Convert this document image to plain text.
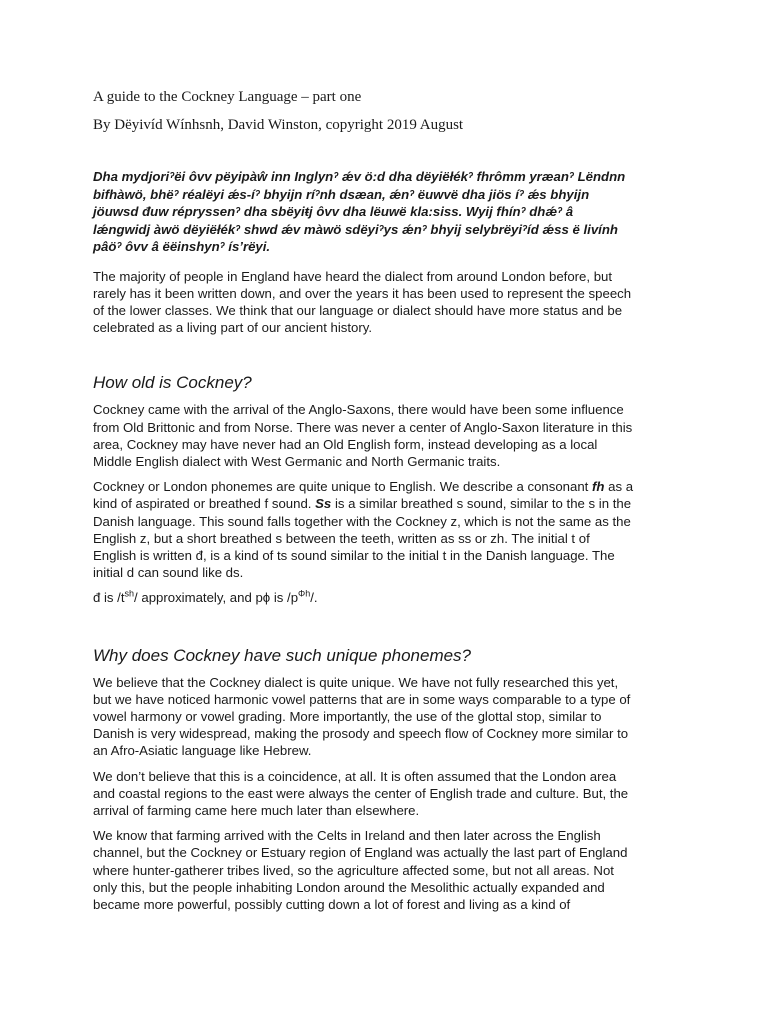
A guide to the Cockney Language – part one

By Dëyivíd Wínhsnh, David Winston, copyright 2019 August

Dha mydjoriˀëi ôvv pëyipàŵ inn Inglynˀ ǽv ö:d dha dëyiëłékˀ fhrômm yræanˀ Lëndnn
bifhàwö, bhëˀ réalëyi ǽs-íˀ bhyijn ríˀnh dsæan, ǽnˀ ëuwvë dha jiös íˀ ǽs bhyijn
jöuwsd đuw répryssenˀ dha sbëyiŧj ôvv dha lëuwë kla:siss. Wyij fhínˀ dhǽˀ â
lǽngwidj àwö dëyiëłékˀ shwd ǽv màwö sdëyiˀys ǽnˀ bhyij selybrëyiˀíd ǽss ë livính
pâöˀ ôvv â ëëinshynˀ ís’rëyi.

The majority of people in England have heard the dialect from around London before, but
rarely has it been written down, and over the years it has been used to represent the speech
of the lower classes. We think that our language or dialect should have more status and be
celebrated as a living part of our ancient history.

How old is Cockney?

Cockney came with the arrival of the Anglo-Saxons, there would have been some influence
from Old Brittonic and from Norse. There was never a center of Anglo-Saxon literature in this
area, Cockney may have never had an Old English form, instead developing as a local
Middle English dialect with West Germanic and North Germanic traits.

Cockney or London phonemes are quite unique to English. We describe a consonant fh as a
kind of aspirated or breathed f sound. Ss is a similar breathed s sound, similar to the s in the
Danish language. This sound falls together with the Cockney z, which is not the same as the
English z, but a short breathed s between the teeth, written as ss or zh. The initial t of
English is written đ, is a kind of ts sound similar to the initial t in the Danish language. The
initial d can sound like ds.

đ is $/t^{sh}/$ approximately, and pϕ is $/p^{\Phi h}/$.

Why does Cockney have such unique phonemes?

We believe that the Cockney dialect is quite unique. We have not fully researched this yet,
but we have noticed harmonic vowel patterns that are in some ways comparable to a type of
vowel harmony or vowel grading. More importantly, the use of the glottal stop, similar to
Danish is very widespread, making the prosody and speech flow of Cockney more similar to
an Afro-Asiatic language like Hebrew.

We don’t believe that this is a coincidence, at all. It is often assumed that the London area
and coastal regions to the east were always the center of English trade and culture. But, the
arrival of farming came here much later than elsewhere.

We know that farming arrived with the Celts in Ireland and then later across the English
channel, but the Cockney or Estuary region of England was actually the last part of England
where hunter-gatherer tribes lived, so the agriculture affected some, but not all areas. Not
only this, but the people inhabiting London around the Mesolithic actually expanded and
became more powerful, possibly cutting down a lot of forest and living as a kind of
